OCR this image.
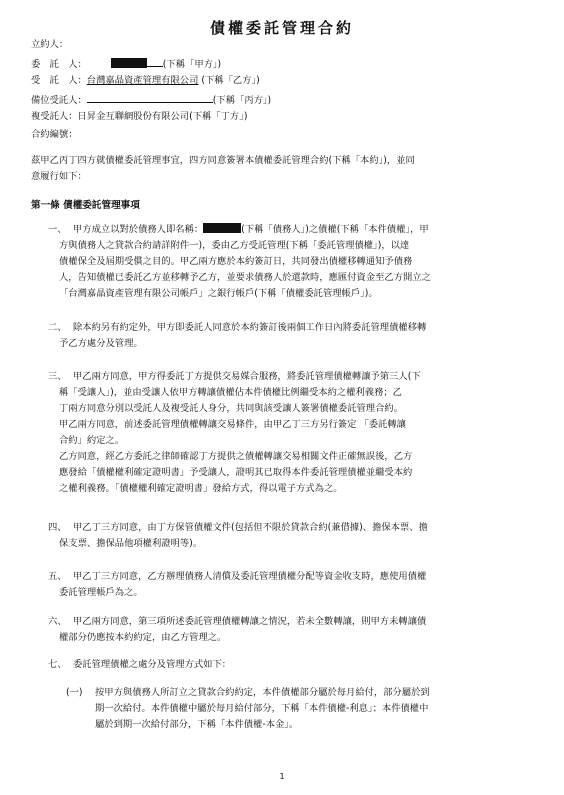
債權委託管理合約
立約人：
委　託　人：	(下稱「甲方」)
受　託　人：台灣嘉晶資產管理有限公司 (下稱「乙方」)
備位受託人：	(下稱「丙方」)
複受託人：日昇金互聯網股份有限公司(下稱「丁方」)
合約編號：
茲甲乙丙丁四方就債權委託管理事宜，四方同意簽署本債權委託管理合約(下稱「本約」)，並同
意履行如下：
第一條 債權委託管理事項
一、 甲方成立以對於債務人即名稱：	(下稱「債務人」)之債權(下稱「本件債權」，甲
方與債務人之貸款合約請詳附件一)，委由乙方受託管理(下稱「委託管理債權」)，以達
債權保全及屆期受償之目的。甲乙兩方應於本約簽訂日，共同發出債權移轉通知予債務
人，告知債權已委託乙方並移轉予乙方，並要求債務人於還款時，應匯付資金至乙方開立之
「台灣嘉晶資產管理有限公司帳戶」之銀行帳戶(下稱「債權委託管理帳戶」)。
二、 除本約另有約定外，甲方即委託人同意於本約簽訂後兩個工作日內將委託管理債權移轉
予乙方處分及管理。
三、 甲乙兩方同意，甲方得委託丁方提供交易媒合服務，將委託管理債權轉讓予第三人(下
稱「受讓人」)，並由受讓人依甲方轉讓債權佔本件債權比例繼受本約之權利義務；乙
丁兩方同意分別以受託人及複受託人身分，共同與該受讓人簽署債權委託管理合約。
甲乙兩方同意，前述委託管理債權轉讓交易條件，由甲乙丁三方另行簽定 「委託轉讓
合約」約定之。
乙方同意，經乙方委託之律師確認丁方提供之債權轉讓交易相關文件正確無誤後，乙方
應發給「債權權利確定證明書」予受讓人，證明其已取得本件委託管理債權並繼受本約
之權利義務。「債權權利確定證明書」發給方式，得以電子方式為之。
四、 甲乙丁三方同意，由丁方保管債權文件(包括但不限於貸款合約(兼借據)、擔保本票、擔
保支票、擔保品他項權利證明等)。
五、 甲乙丁三方同意，乙方辦理債務人清償及委託管理債權分配等資金收支時，應使用債權
委託管理帳戶為之。
六、 甲乙兩方同意，第三項所述委託管理債權轉讓之情況，若未全數轉讓，則甲方未轉讓債
權部分仍應按本約約定，由乙方管理之。
七、 委託管理債權之處分及管理方式如下：
(一) 按甲方與債務人所訂立之貸款合約約定，本件債權部分屬於每月給付，部分屬於到
期一次給付。本件債權中屬於每月給付部分，下稱「本件債權-利息」；本件債權中
屬於到期一次給付部分，下稱「本件債權-本金」。
1
